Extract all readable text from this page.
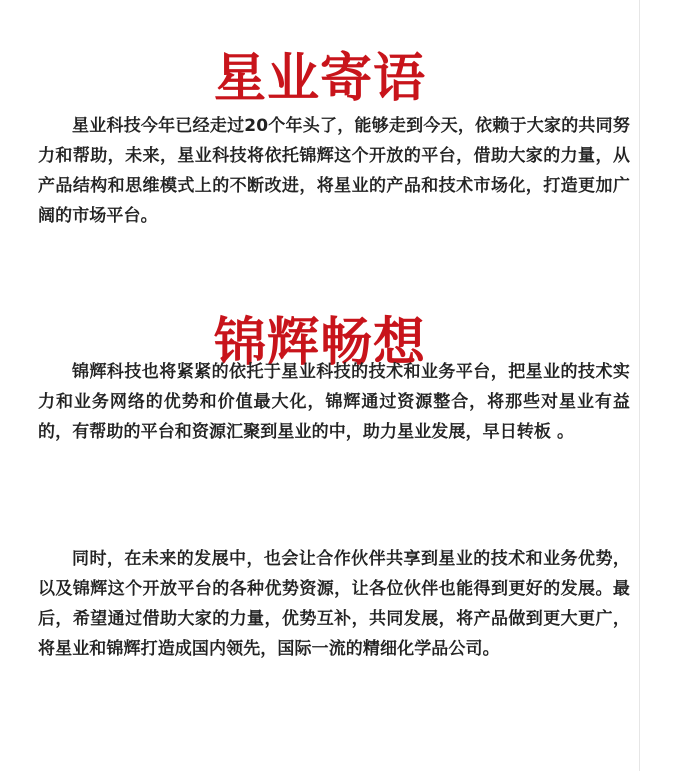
星业寄语

星业科技今年已经走过20个年头了，能够走到今天，依赖于大家的共同努力和帮助，未来，星业科技将依托锦辉这个开放的平台，借助大家的力量，从产品结构和思维模式上的不断改进，将星业的产品和技术市场化，打造更加广阔的市场平台。

锦辉畅想

锦辉科技也将紧紧的依托于星业科技的技术和业务平台，把星业的技术实力和业务网络的优势和价值最大化，锦辉通过资源整合，将那些对星业有益的，有帮助的平台和资源汇聚到星业的中，助力星业发展，早日转板 。

同时，在未来的发展中，也会让合作伙伴共享到星业的技术和业务优势，以及锦辉这个开放平台的各种优势资源，让各位伙伴也能得到更好的发展。最后，希望通过借助大家的力量，优势互补，共同发展，将产品做到更大更广，将星业和锦辉打造成国内领先，国际一流的精细化学品公司。
